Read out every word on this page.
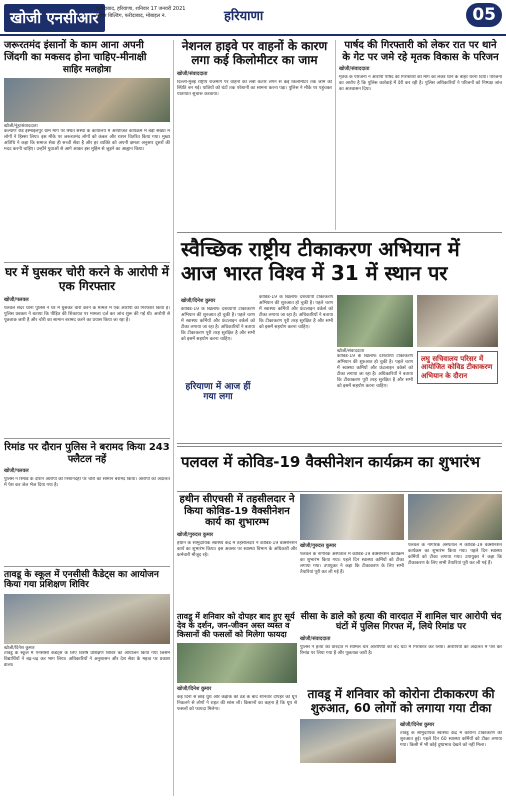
खोजी एनसीआर
फरीदाबाद, हरियाणा, शनिवार 17 जनवरी 2021
मंगोल बिल्डिंग, फरीदाबाद, मोबाइल नं.	हरियाणा	05
जरूरतमंद इंसानों के काम आना अपनी जिंदगी का मकसद होना चाहिए-मीनाक्षी
साहिर मलहोत्रा
खोजी/नूंह/संवाददाता
कल्याण रोड इस्माइलपुर ग्राम मार्ग पर स्थित संस्था के कार्यालय में आयोजित कार्यक्रम में बड़ी संख्या में लोगों ने हिस्सा लिया। इस मौके पर जरूरतमंद लोगों को कंबल और राशन वितरित किया गया। मुख्य अतिथि ने कहा कि समाज सेवा ही सच्ची सेवा है और हर व्यक्ति को अपनी क्षमता अनुसार दूसरों की मदद करनी चाहिए। उन्होंने युवाओं से आगे आकर इस मुहिम से जुड़ने का आह्वान किया।
घर में घुसकर चोरी करने के आरोपी में एक गिरफ्तार
खोजी/पलवल
पलवल सदर थाना पुलिस ने घर में घुसकर चोरी करने के मामले में एक आरोपी को गिरफ्तार किया है। पुलिस प्रवक्ता ने बताया कि पीड़ित की शिकायत पर मामला दर्ज कर जांच शुरू की गई थी। आरोपी से पूछताछ जारी है और चोरी का सामान बरामद करने का प्रयास किया जा रहा है।
रिमांड पर दौरान पुलिस ने बरामद किया 243 फ्लैटल नहें
खोजी/पलवल
पुलिस ने रिमांड के दौरान आरोपी की निशानदेही पर चोरी का सामान बरामद किया। आरोपी को अदालत में पेश कर जेल भेज दिया गया है।
तावडू के स्कूल में एनसीसी कैडेट्स का आयोजन किया गया प्रशिक्षण शिविर
खोजी/दिनेश कुमार
तावडू के स्कूल में एनसीसी कैडेट्स के लिए विशेष प्रशिक्षण शिविर का आयोजन किया गया जिसमें विद्यार्थियों ने बढ़-चढ़ कर भाग लिया। अधिकारियों ने अनुशासन और देश सेवा के महत्व पर प्रकाश डाला।
नेशनल हाइवे पर वाहनों के कारण लगा कई किलोमीटर का जाम
खोजी/संवाददाता
दिल्ली-मुंबई राष्ट्रीय राजमार्ग पर वाहनों की लंबी कतारें लगने से कई किलोमीटर तक जाम की स्थिति बन गई। यात्रियों को घंटों तक परेशानी का सामना करना पड़ा। पुलिस ने मौके पर पहुंचकर यातायात सुचारू करवाया।
पार्षद की गिरफ्तारी को लेकर रात पर थाने के गेट पर जमे रहे मृतक विकास के परिजन
खोजी/संवाददाता
मृतक के परिजनों ने आरोपी पार्षद की गिरफ्तारी की मांग को लेकर थाने के बाहर धरना दिया। परिजनों का आरोप है कि पुलिस कार्रवाई में देरी कर रही है। पुलिस अधिकारियों ने परिजनों को निष्पक्ष जांच का आश्वासन दिया।
स्वैच्छिक राष्ट्रीय टीकाकरण अभियान में आज भारत विश्व में 31 में स्थान पर
खोजी/दिनेश कुमार
कोविड-19 के खिलाफ देशव्यापी टीकाकरण अभियान की शुरुआत हो चुकी है। पहले चरण में स्वास्थ्य कर्मियों और फ्रंटलाइन वर्कर्स को टीका लगाया जा रहा है। अधिकारियों ने बताया कि टीकाकरण पूरी तरह सुरक्षित है और सभी को इसमें सहयोग करना चाहिए।
हरियाणा में आज हीं गया लगा
कोविड-19 के खिलाफ देशव्यापी टीकाकरण अभियान की शुरुआत हो चुकी है। पहले चरण में स्वास्थ्य कर्मियों और फ्रंटलाइन वर्कर्स को टीका लगाया जा रहा है। अधिकारियों ने बताया कि टीकाकरण पूरी तरह सुरक्षित है और सभी को इसमें सहयोग करना चाहिए।
खोजी/संवाददाता
कोविड-19 के खिलाफ देशव्यापी टीकाकरण अभियान की शुरुआत हो चुकी है। पहले चरण में स्वास्थ्य कर्मियों और फ्रंटलाइन वर्कर्स को टीका लगाया जा रहा है। अधिकारियों ने बताया कि टीकाकरण पूरी तरह सुरक्षित है और सभी को इसमें सहयोग करना चाहिए।
लघु सचिवालय परिसर में आयोजित कोविड टीकाकरण अभियान के दौरान
पलवल में कोविड-19 वैक्सीनेशन कार्यक्रम का शुभारंभ
हथीन सीएचसी में तहसीलदार ने किया कोविड-19 वैक्सीनेशन कार्य का शुभारम्भ
खोजी/गुरुदत्त कुमार
हथीन के सामुदायिक स्वास्थ्य केंद्र में तहसीलदार ने कोविड-19 वैक्सीनेशन कार्य का शुभारंभ किया। इस अवसर पर स्वास्थ्य विभाग के अधिकारी और कर्मचारी मौजूद रहे।
खोजी/गुरुदत्त कुमार
पलवल के नागरिक अस्पताल में कोविड-19 वैक्सीनेशन कार्यक्रम का शुभारंभ किया गया। पहले दिन स्वास्थ्य कर्मियों को टीका लगाया गया। उपायुक्त ने कहा कि टीकाकरण के लिए सभी तैयारियां पूरी कर ली गई हैं।
पलवल के नागरिक अस्पताल में कोविड-19 वैक्सीनेशन कार्यक्रम का शुभारंभ किया गया। पहले दिन स्वास्थ्य कर्मियों को टीका लगाया गया। उपायुक्त ने कहा कि टीकाकरण के लिए सभी तैयारियां पूरी कर ली गई हैं।
सीसा के डाले को हत्या की वारदात में शामिल चार आरोपी चंद घंटों में पुलिस गिरफ्त में, लिये रिमांड पर
खोजी/संवाददाता
पुलिस ने हत्या की वारदात में शामिल चार आरोपियों को चंद घंटों में गिरफ्तार कर लिया। आरोपियों को अदालत में पेश कर रिमांड पर लिया गया है और पूछताछ जारी है।
तावडू में शनिवार को दोपहर बाद हुए सूर्य देव के दर्शन, जन-जीवन अस्त व्यस्त व किसानों की फसलों को मिलेगा फायदा
खोजी/दिनेश कुमार
कई दिनों से छाई धुंध और कड़ाके की ठंड के बाद शनिवार दोपहर को धूप निकलने से लोगों ने राहत की सांस ली। किसानों का कहना है कि धूप से फसलों को फायदा मिलेगा।
तावडू में शनिवार को कोरोना टीकाकरण की शुरुआत, 60 लोगों को लगाया गया टीका
खोजी/दिनेश कुमार
तावडू के सामुदायिक स्वास्थ्य केंद्र में कोरोना टीकाकरण की शुरुआत हुई। पहले दिन 60 स्वास्थ्य कर्मियों को टीका लगाया गया। किसी में भी कोई दुष्प्रभाव देखने को नहीं मिला।
